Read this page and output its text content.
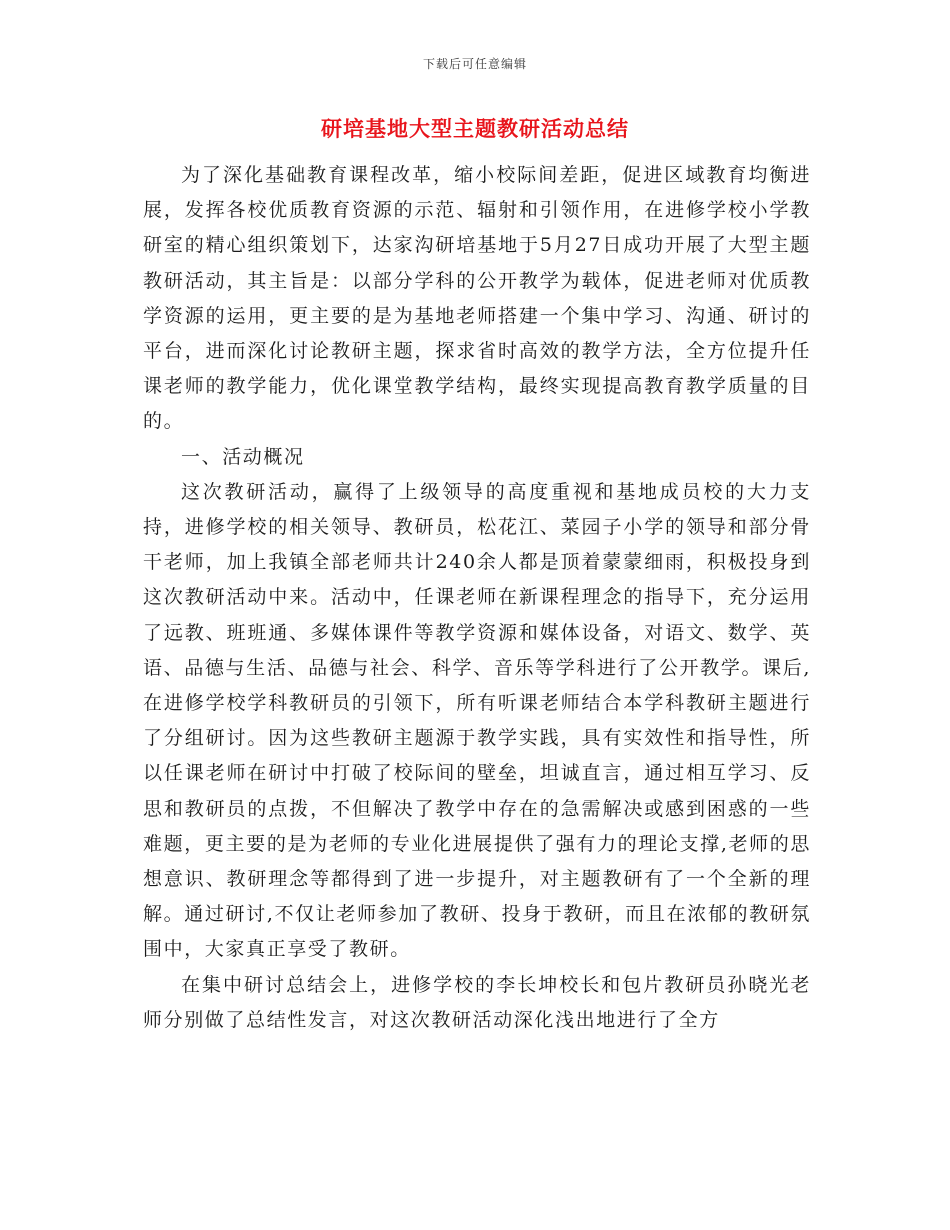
下载后可任意编辑
研培基地大型主题教研活动总结

为了深化基础教育课程改革，缩小校际间差距，促进区域教育均衡进展，发挥各校优质教育资源的示范、辐射和引领作用，在进修学校小学教研室的精心组织策划下，达家沟研培基地于5月27日成功开展了大型主题教研活动，其主旨是：以部分学科的公开教学为载体，促进老师对优质教学资源的运用，更主要的是为基地老师搭建一个集中学习、沟通、研讨的平台，进而深化讨论教研主题，探求省时高效的教学方法，全方位提升任课老师的教学能力，优化课堂教学结构，最终实现提高教育教学质量的目的。

一、活动概况

这次教研活动，赢得了上级领导的高度重视和基地成员校的大力支持，进修学校的相关领导、教研员，松花江、菜园子小学的领导和部分骨干老师，加上我镇全部老师共计240余人都是顶着蒙蒙细雨，积极投身到这次教研活动中来。活动中，任课老师在新课程理念的指导下，充分运用了远教、班班通、多媒体课件等教学资源和媒体设备，对语文、数学、英语、品德与生活、品德与社会、科学、音乐等学科进行了公开教学。课后,在进修学校学科教研员的引领下，所有听课老师结合本学科教研主题进行了分组研讨。因为这些教研主题源于教学实践，具有实效性和指导性，所以任课老师在研讨中打破了校际间的壁垒，坦诚直言，通过相互学习、反思和教研员的点拨，不但解决了教学中存在的急需解决或感到困惑的一些难题，更主要的是为老师的专业化进展提供了强有力的理论支撑,老师的思想意识、教研理念等都得到了进一步提升，对主题教研有了一个全新的理解。通过研讨,不仅让老师参加了教研、投身于教研，而且在浓郁的教研氛围中，大家真正享受了教研。

在集中研讨总结会上，进修学校的李长坤校长和包片教研员孙晓光老师分别做了总结性发言，对这次教研活动深化浅出地进行了全方
